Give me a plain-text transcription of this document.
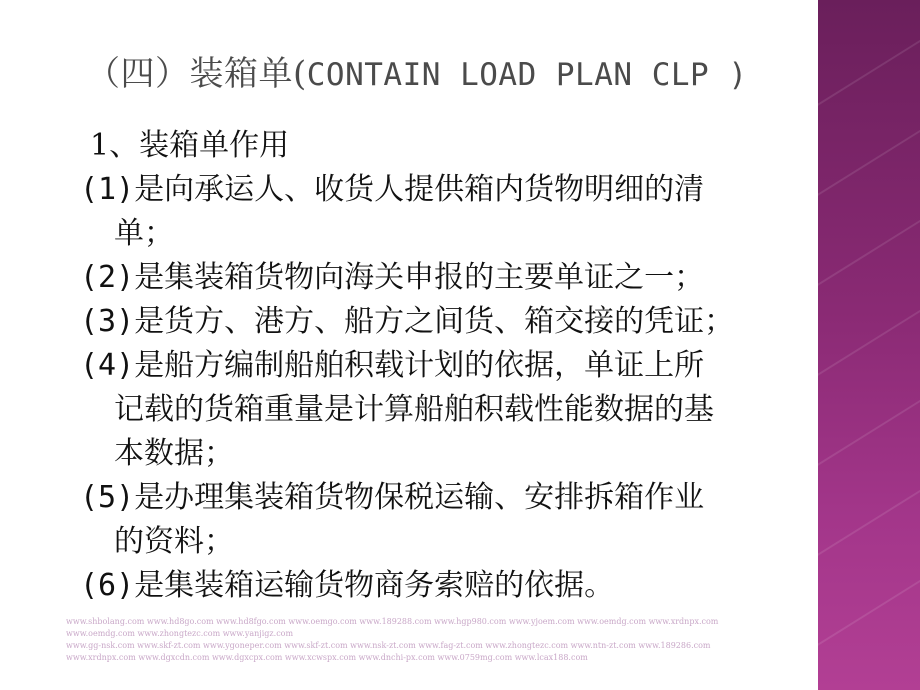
（四）装箱单(CONTAIN LOAD PLAN CLP )
1、装箱单作用
(1)是向承运人、收货人提供箱内货物明细的清
单；
(2)是集装箱货物向海关申报的主要单证之一；
(3)是货方、港方、船方之间货、箱交接的凭证；
(4)是船方编制船舶积载计划的依据，单证上所
记载的货箱重量是计算船舶积载性能数据的基
本数据；
(5)是办理集装箱货物保税运输、安排拆箱作业
的资料；
(6)是集装箱运输货物商务索赔的依据。
www.shbolang.com www.hd8go.com www.hd8fgo.com www.oemgo.com www.189288.com www.hgp980.com www.yjoem.com www.oemdg.com www.xrdnpx.com
www.oemdg.com www.zhongtezc.com www.yanjigz.com
www.gg-nsk.com www.skf-zt.com www.ygoneper.com www.skf-zt.com www.nsk-zt.com www.fag-zt.com www.zhongtezc.com www.ntn-zt.com www.189286.com
www.xrdnpx.com www.dgxcdn.com www.dgxcpx.com www.xcwspx.com www.dnchi-px.com www.0759mg.com www.lcax188.com
